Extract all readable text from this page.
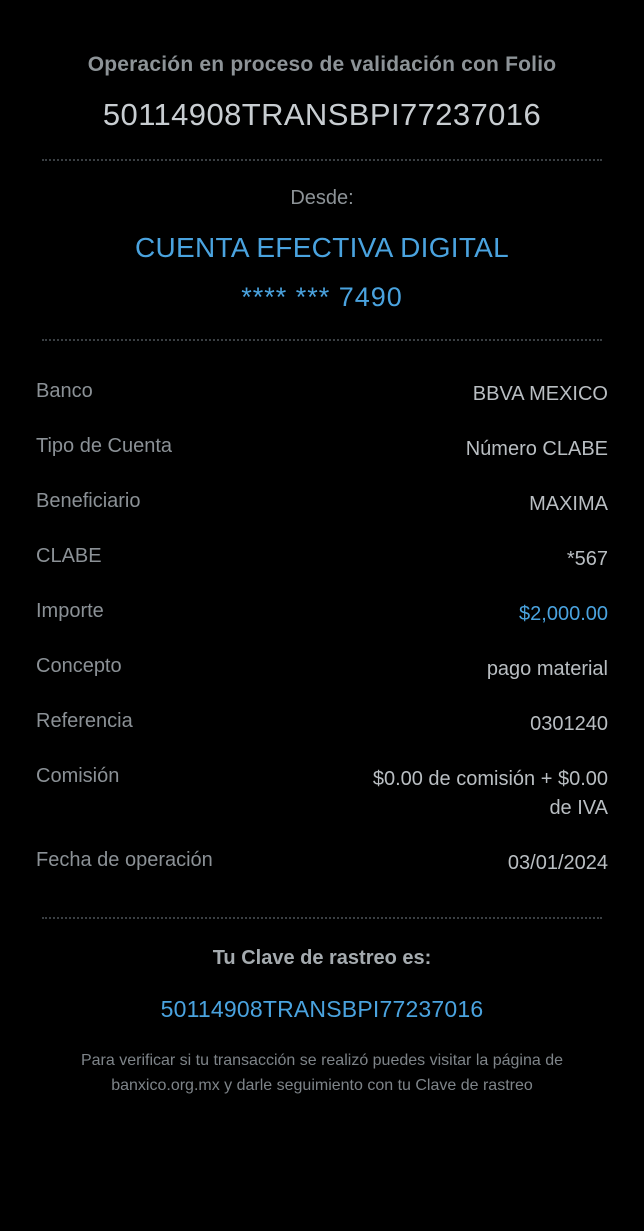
Operación en proceso de validación con Folio
50114908TRANSBPI77237016
Desde:
CUENTA EFECTIVA DIGITAL
**** *** 7490
Banco	BBVA MEXICO
Tipo de Cuenta	Número CLABE
Beneficiario	MAXIMA
CLABE	*567
Importe	$2,000.00
Concepto	pago material
Referencia	0301240
Comisión	$0.00 de comisión + $0.00 de IVA
Fecha de operación	03/01/2024
Tu Clave de rastreo es:
50114908TRANSBPI77237016
Para verificar si tu transacción se realizó puedes visitar la página de banxico.org.mx y darle seguimiento con tu Clave de rastreo
